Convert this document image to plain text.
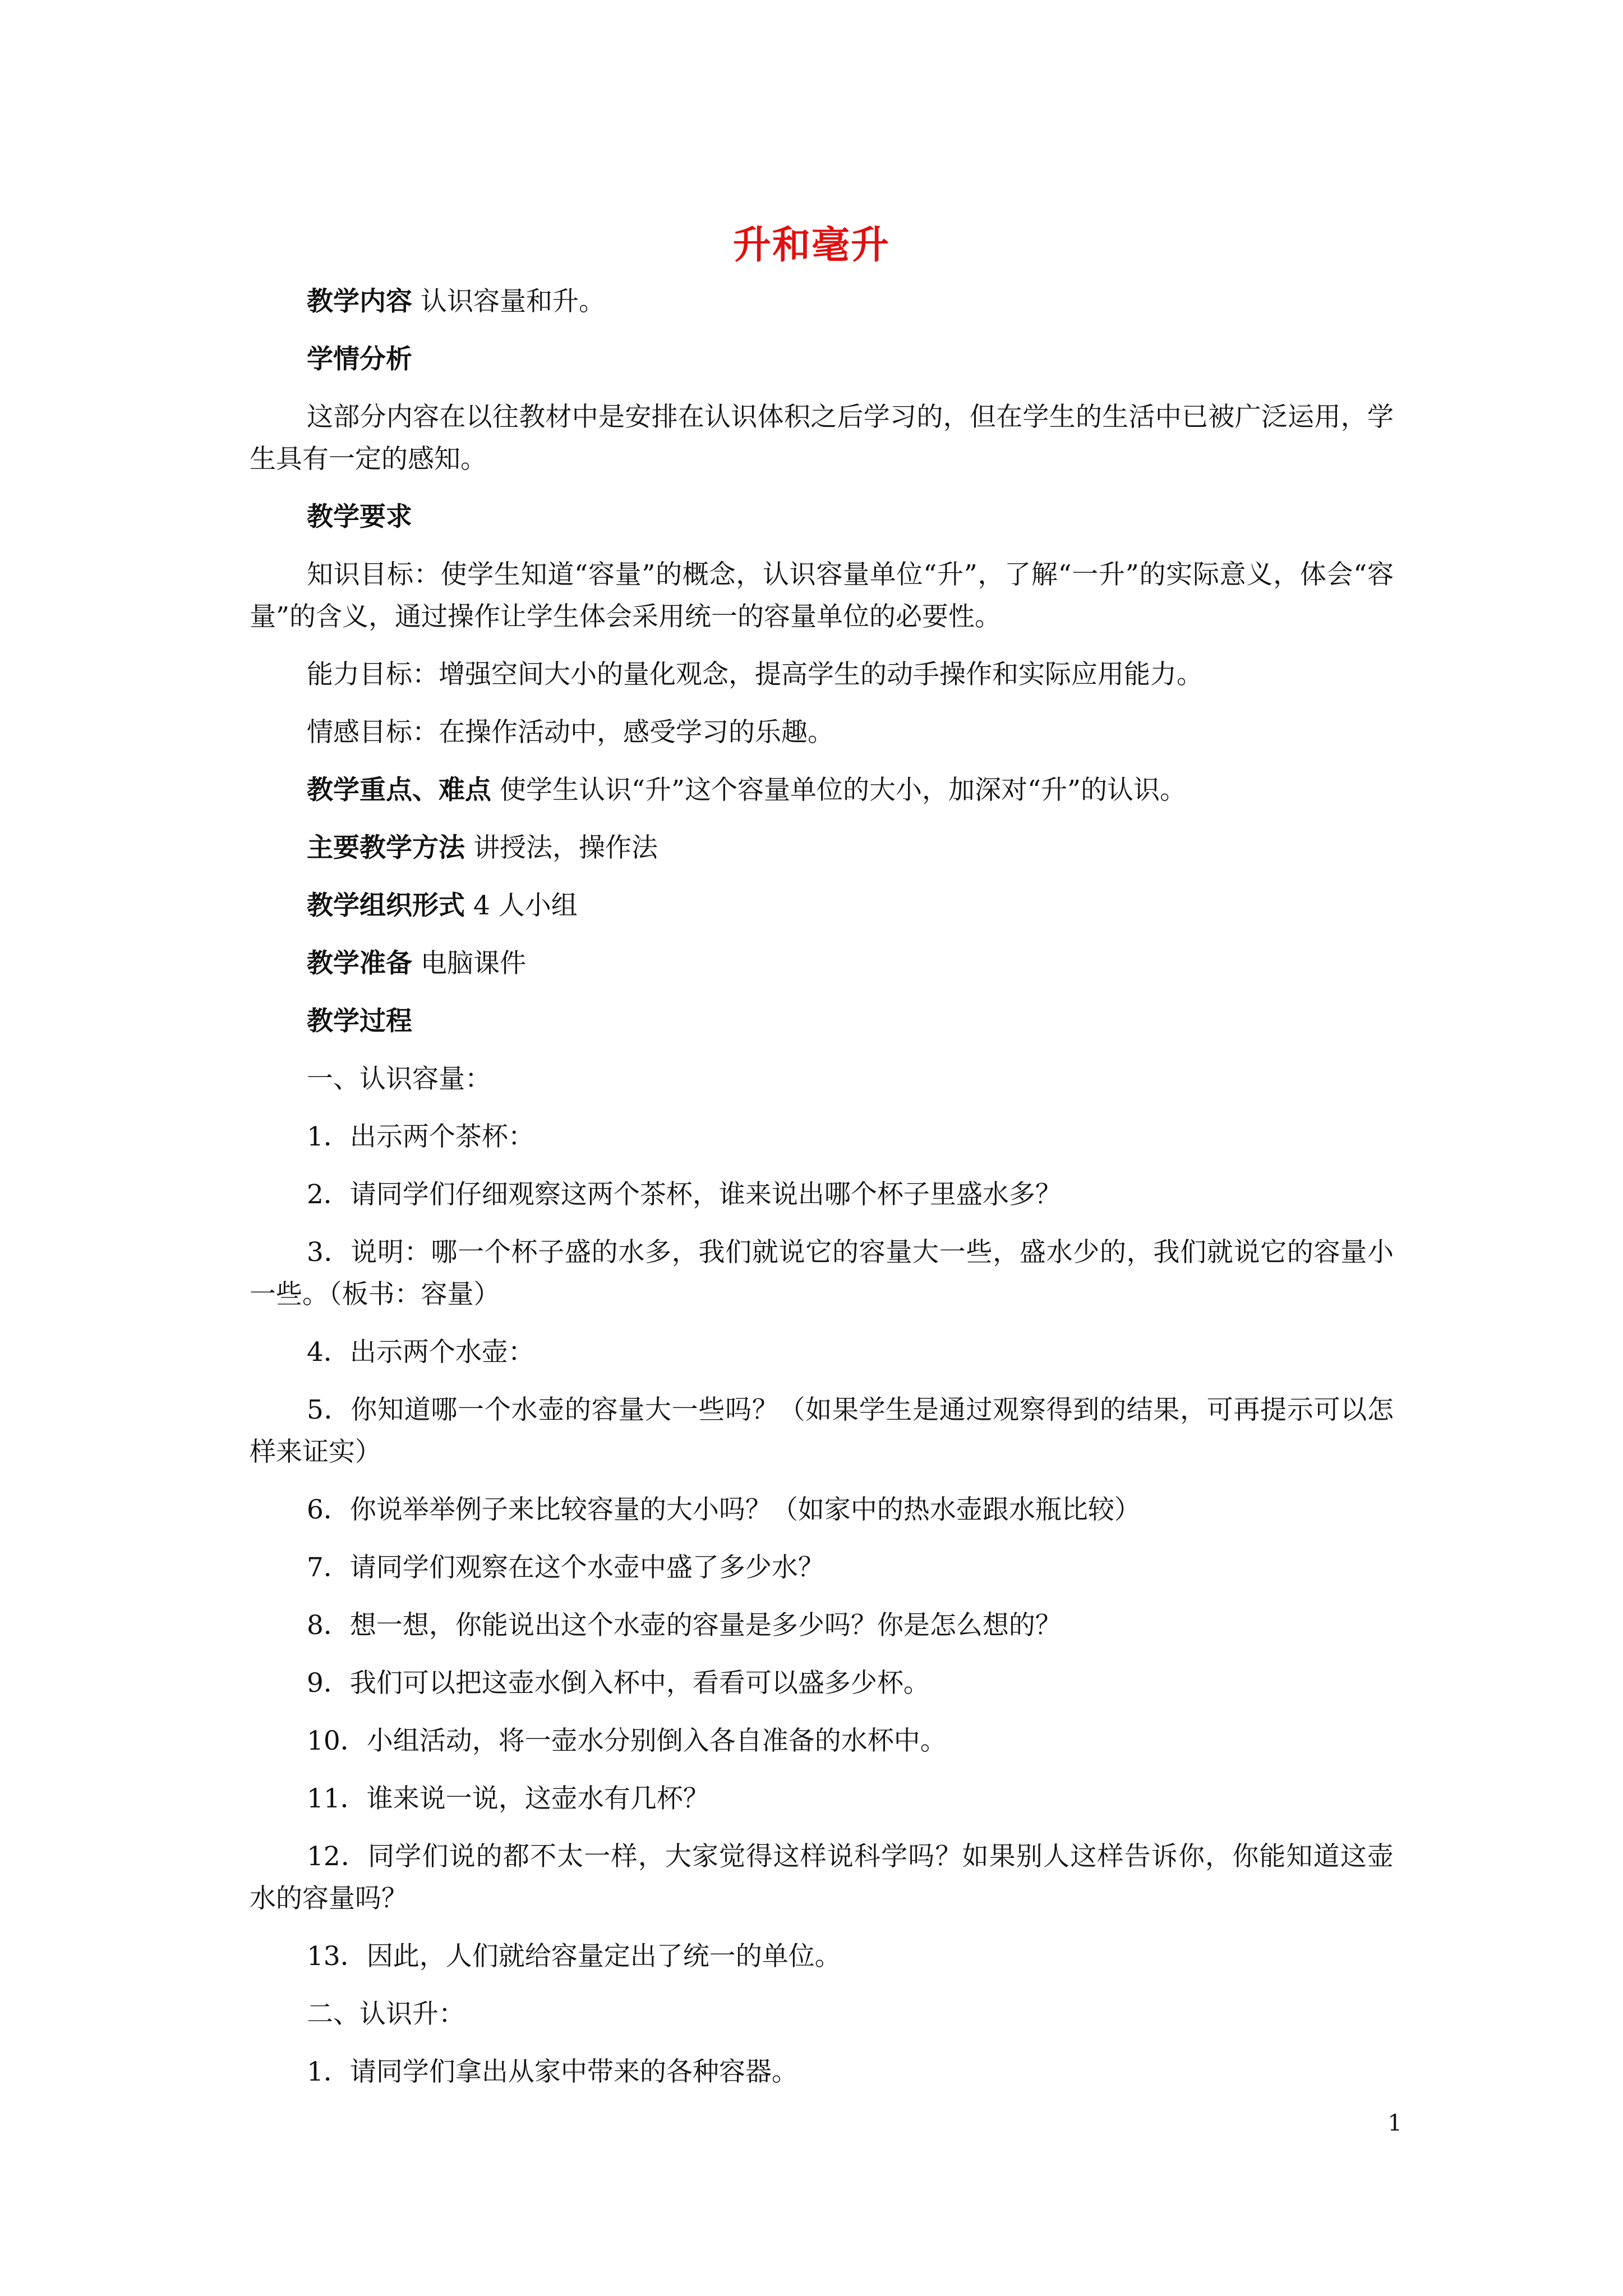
升和毫升

教学内容 认识容量和升。

学情分析

这部分内容在以往教材中是安排在认识体积之后学习的，但在学生的生活中已被广泛运用，学生具有一定的感知。

教学要求

知识目标：使学生知道“容量”的概念，认识容量单位“升”，了解“一升”的实际意义，体会“容量”的含义，通过操作让学生体会采用统一的容量单位的必要性。

能力目标：增强空间大小的量化观念，提高学生的动手操作和实际应用能力。

情感目标：在操作活动中，感受学习的乐趣。

教学重点、难点 使学生认识“升”这个容量单位的大小，加深对“升”的认识。

主要教学方法 讲授法，操作法

教学组织形式 4 人小组

教学准备 电脑课件

教学过程

一、认识容量：

1．出示两个茶杯：

2．请同学们仔细观察这两个茶杯，谁来说出哪个杯子里盛水多？

3．说明：哪一个杯子盛的水多，我们就说它的容量大一些，盛水少的，我们就说它的容量小一些。（板书：容量）

4．出示两个水壶：

5．你知道哪一个水壶的容量大一些吗？（如果学生是通过观察得到的结果，可再提示可以怎样来证实）

6．你说举举例子来比较容量的大小吗？（如家中的热水壶跟水瓶比较）

7．请同学们观察在这个水壶中盛了多少水？

8．想一想，你能说出这个水壶的容量是多少吗？你是怎么想的？

9．我们可以把这壶水倒入杯中，看看可以盛多少杯。

10．小组活动，将一壶水分别倒入各自准备的水杯中。

11．谁来说一说，这壶水有几杯？

12．同学们说的都不太一样，大家觉得这样说科学吗？如果别人这样告诉你，你能知道这壶水的容量吗？

13．因此，人们就给容量定出了统一的单位。

二、认识升：

1．请同学们拿出从家中带来的各种容器。

1
